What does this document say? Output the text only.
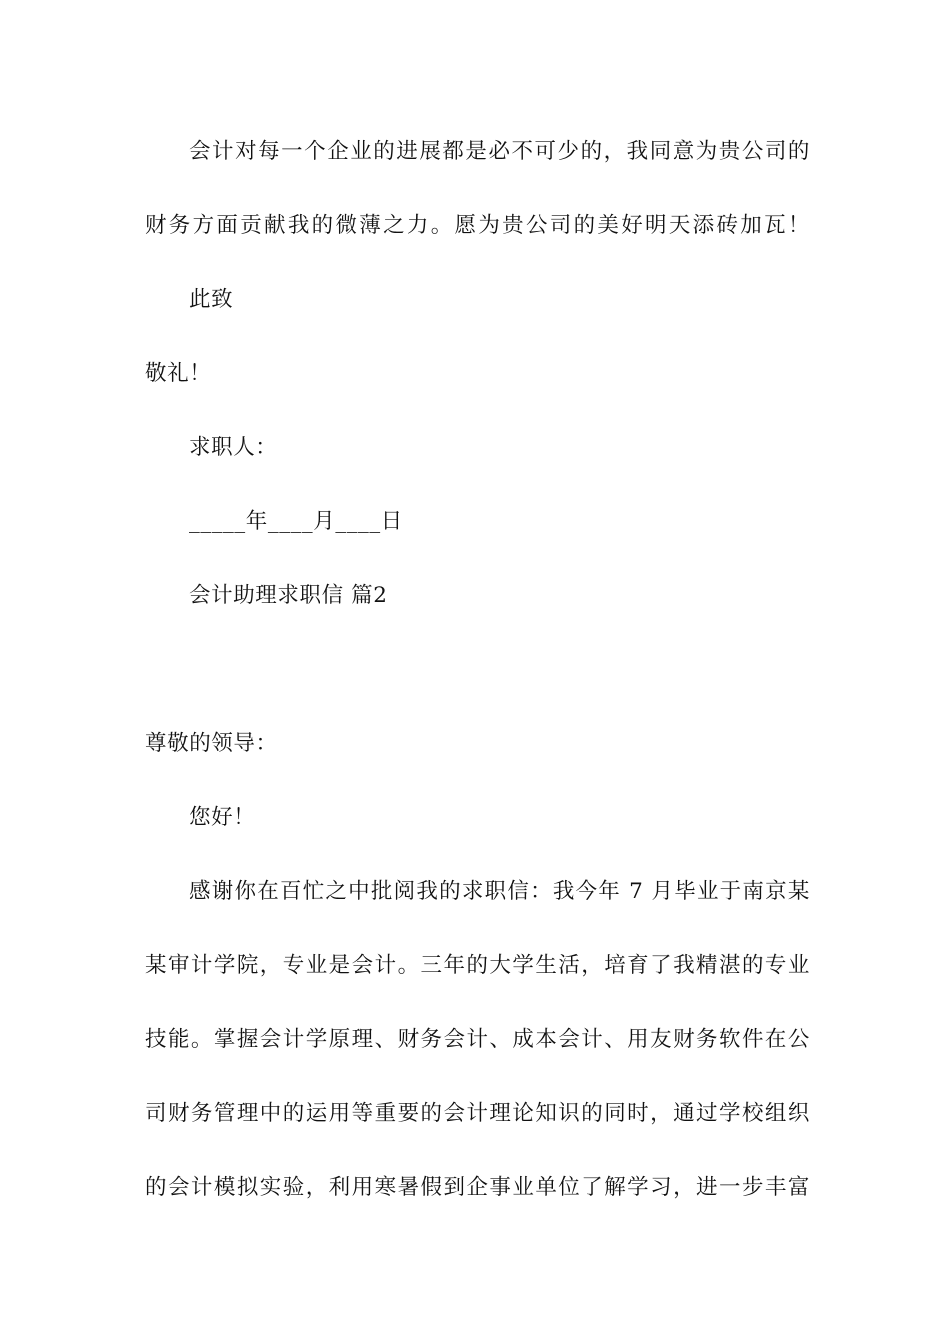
会计对每一个企业的进展都是必不可少的，我同意为贵公司的
财务方面贡献我的微薄之力。愿为贵公司的美好明天添砖加瓦！
此致
敬礼！
求职人：
_____年____月____日
会计助理求职信 篇2
尊敬的领导：
您好！
感谢你在百忙之中批阅我的求职信：我今年 7 月毕业于南京某
某审计学院，专业是会计。三年的大学生活，培育了我精湛的专业
技能。掌握会计学原理、财务会计、成本会计、用友财务软件在公
司财务管理中的运用等重要的会计理论知识的同时，通过学校组织
的会计模拟实验，利用寒暑假到企事业单位了解学习，进一步丰富
